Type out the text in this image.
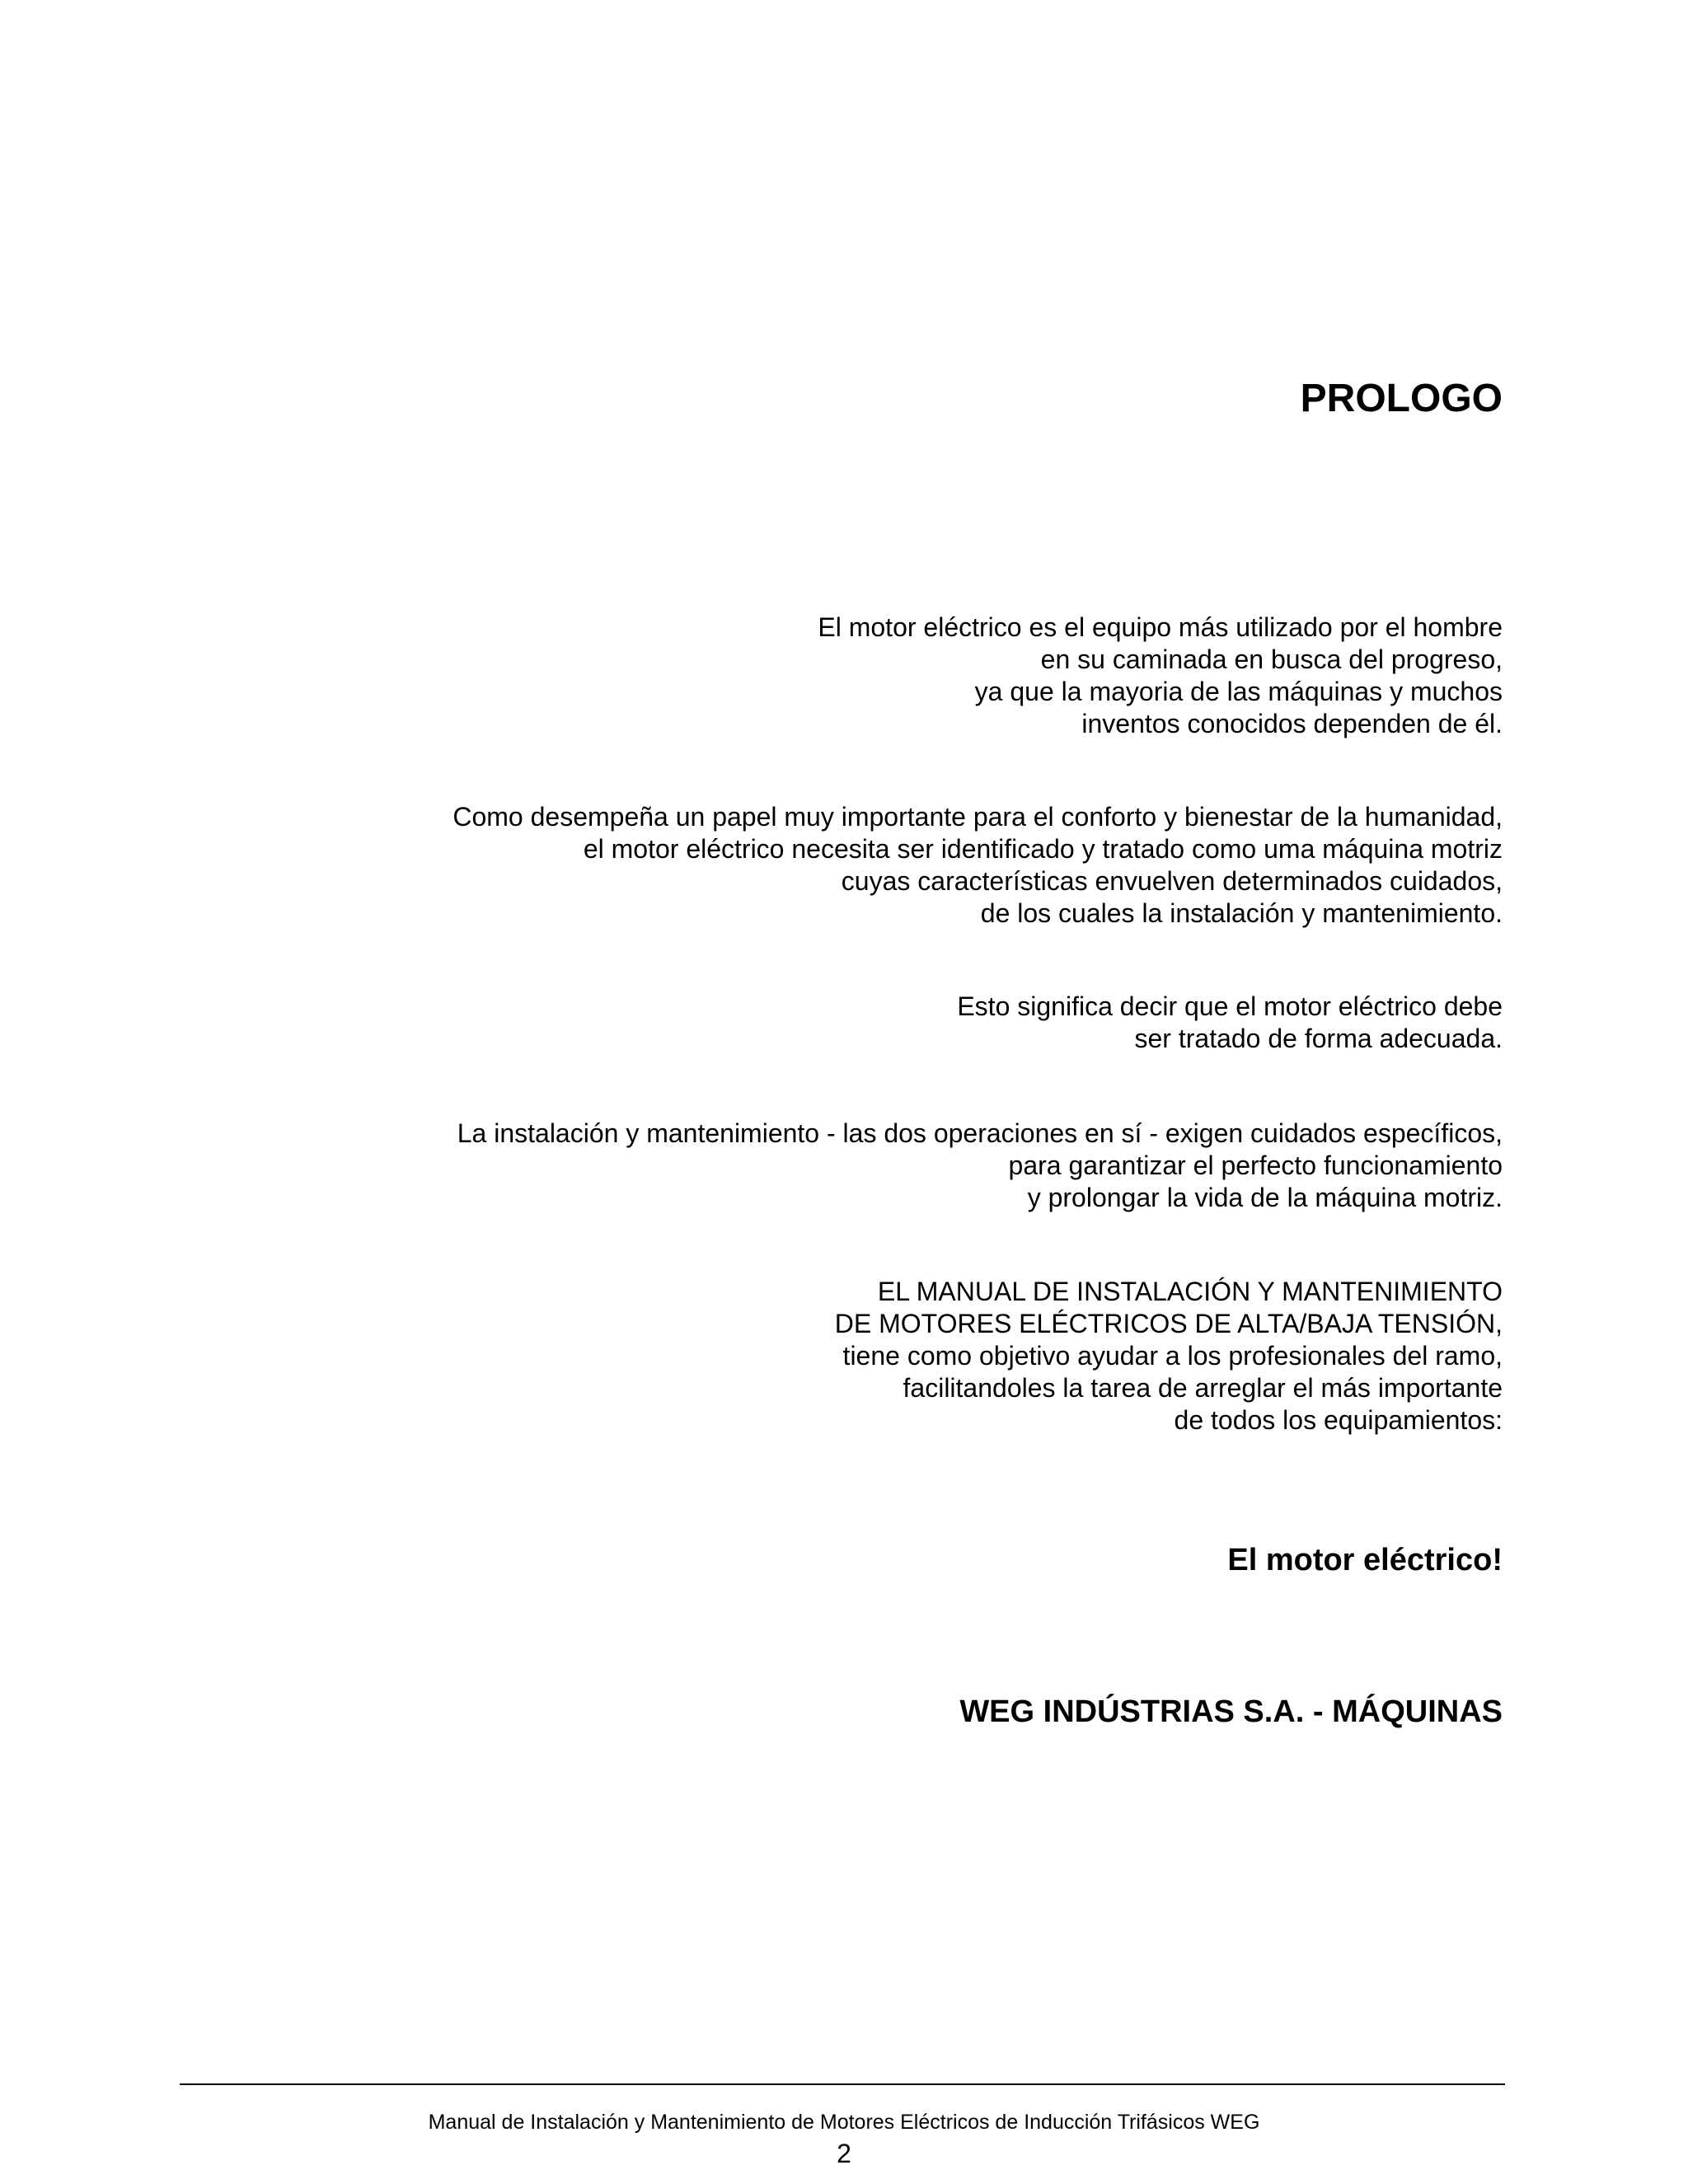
PROLOGO
El motor eléctrico es el equipo más utilizado por el hombre
en su caminada en busca del progreso,
ya que la mayoria de las máquinas y muchos
inventos conocidos dependen de él.
Como desempeña un papel muy importante para el conforto y bienestar de la humanidad,
el motor eléctrico necesita ser identificado y tratado como uma máquina motriz
cuyas características envuelven determinados cuidados,
de los cuales la instalación y mantenimiento.
Esto significa decir que el motor eléctrico debe
ser tratado de forma adecuada.
La instalación y mantenimiento - las dos operaciones en sí - exigen cuidados específicos,
para garantizar el perfecto funcionamiento
y prolongar la vida de la máquina motriz.
EL MANUAL DE INSTALACIÓN Y MANTENIMIENTO
DE MOTORES ELÉCTRICOS DE ALTA/BAJA TENSIÓN,
tiene como objetivo ayudar a los profesionales del ramo,
facilitandoles la tarea de arreglar el más importante
de todos los equipamientos:
El motor eléctrico!
WEG INDÚSTRIAS S.A. - MÁQUINAS
Manual de Instalación y Mantenimiento de Motores Eléctricos de Inducción Trifásicos WEG
2
